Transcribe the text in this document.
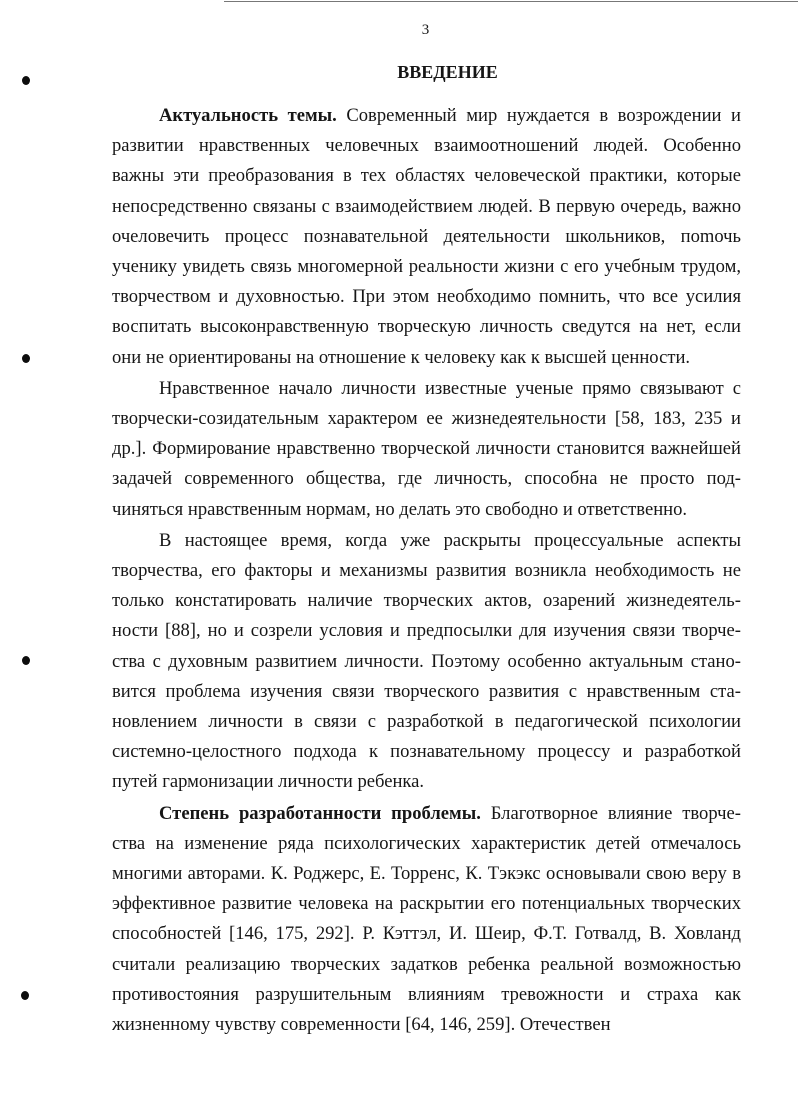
3
ВВЕДЕНИЕ

Актуальность темы. Современный мир нуждается в возрождении и развитии нравственных человечных взаимоотношений людей. Особенно важны эти преобразования в тех областях человеческой практики, которые непосредственно связаны с взаимодействием людей. В первую очередь, важно очеловечить процесс познавательной деятельности школьников, поmочь ученику увидеть связь многомерной реальности жизни с его учебным трудом, творчеством и духовностью. При этом необходимо помнить, что все усилия воспитать высоконравственную творческую личность сведутся на нет, если они не ориентированы на отношение к человеку как к высшей ценности.

Нравственное начало личности известные ученые прямо связывают с творчески-созидательным характером ее жизнедеятельности [58, 183, 235 и др.]. Формирование нравственно творческой личности становится важнейшей задачей современного общества, где личность, способна не просто подчиняться нравственным нормам, но делать это свободно и ответственно.

В настоящее время, когда уже раскрыты процессуальные аспекты творчества, его факторы и механизмы развития возникла необходимость не только констатировать наличие творческих актов, озарений жизнедеятельности [88], но и созрели условия и предпосылки для изучения связи творчества с духовным развитием личности. Поэтому особенно актуальным становится проблема изучения связи творческого развития с нравственным становлением личности в связи с разработкой в педагогической психологии системно-целостного подхода к познавательному процессу и разработкой путей гармонизации личности ребенка.

Степень разработанности проблемы. Благотворное влияние творчества на изменение ряда психологических характеристик детей отмечалось многими авторами. К. Роджерс, Е. Торренс, К. Тэкэкс основывали свою веру в эффективное развитие человека на раскрытии его потенциальных творческих способностей [146, 175, 292]. Р. Кэттэл, И. Шеир, Ф.Т. Готвалд, В. Ховланд считали реализацию творческих задатков ребенка реальной возможностью противостояния разрушительным влияниям тревожности и страха как жизненному чувству современности [64, 146, 259]. Отечествен
